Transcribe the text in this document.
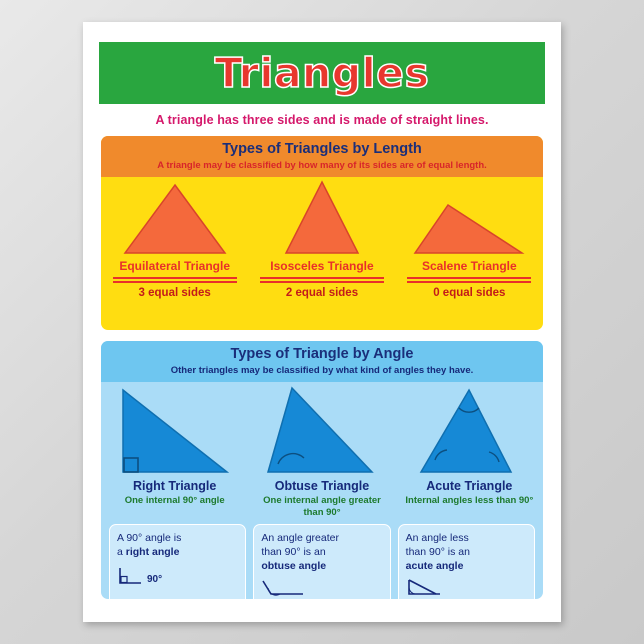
Triangles
A triangle has three sides and is made of straight lines.
Types of Triangles by Length
A triangle may be classified by how many of its sides are of equal length.
Equilateral Triangle
3 equal sides
Isosceles Triangle
2 equal sides
Scalene Triangle
0 equal sides
Types of Triangle by Angle
Other triangles may be classified by what kind of angles they have.
Right Triangle
One internal 90° angle
Obtuse Triangle
One internal angle greater than 90°
Acute Triangle
Internal angles less than 90°
A 90° angle is
a right angle
90°
An angle greater
than 90° is an
obtuse angle
An angle less
than 90° is an
acute angle
